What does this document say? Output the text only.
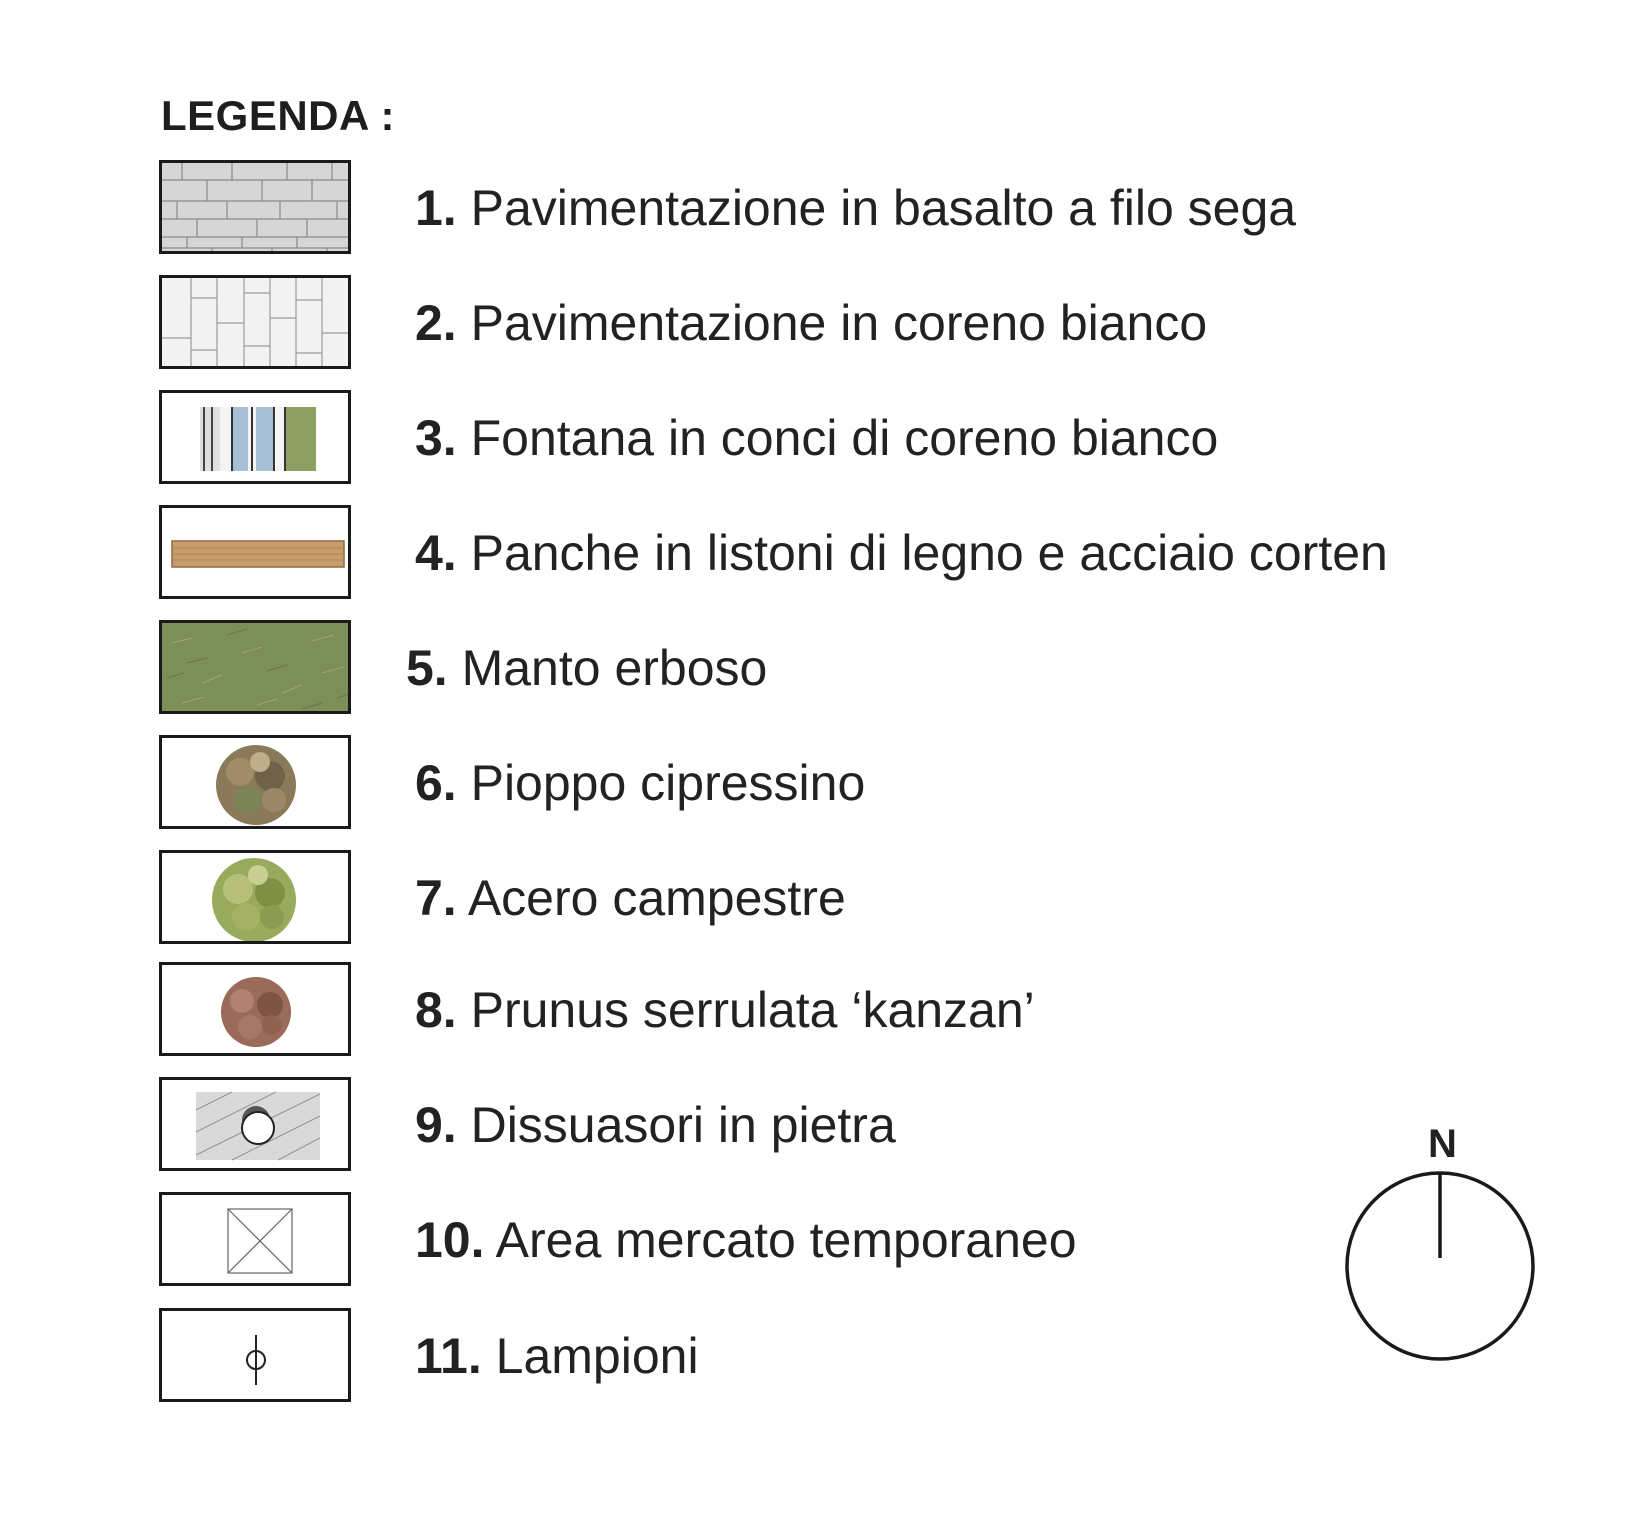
LEGENDA :
1. Pavimentazione in basalto a filo sega
2. Pavimentazione in coreno bianco
3. Fontana in conci di coreno bianco
4. Panche in listoni di legno e acciaio corten
5. Manto erboso
6. Pioppo cipressino
7. Acero campestre
8. Prunus serrulata ‘kanzan’
9. Dissuasori in pietra
10. Area mercato temporaneo
11. Lampioni
N
